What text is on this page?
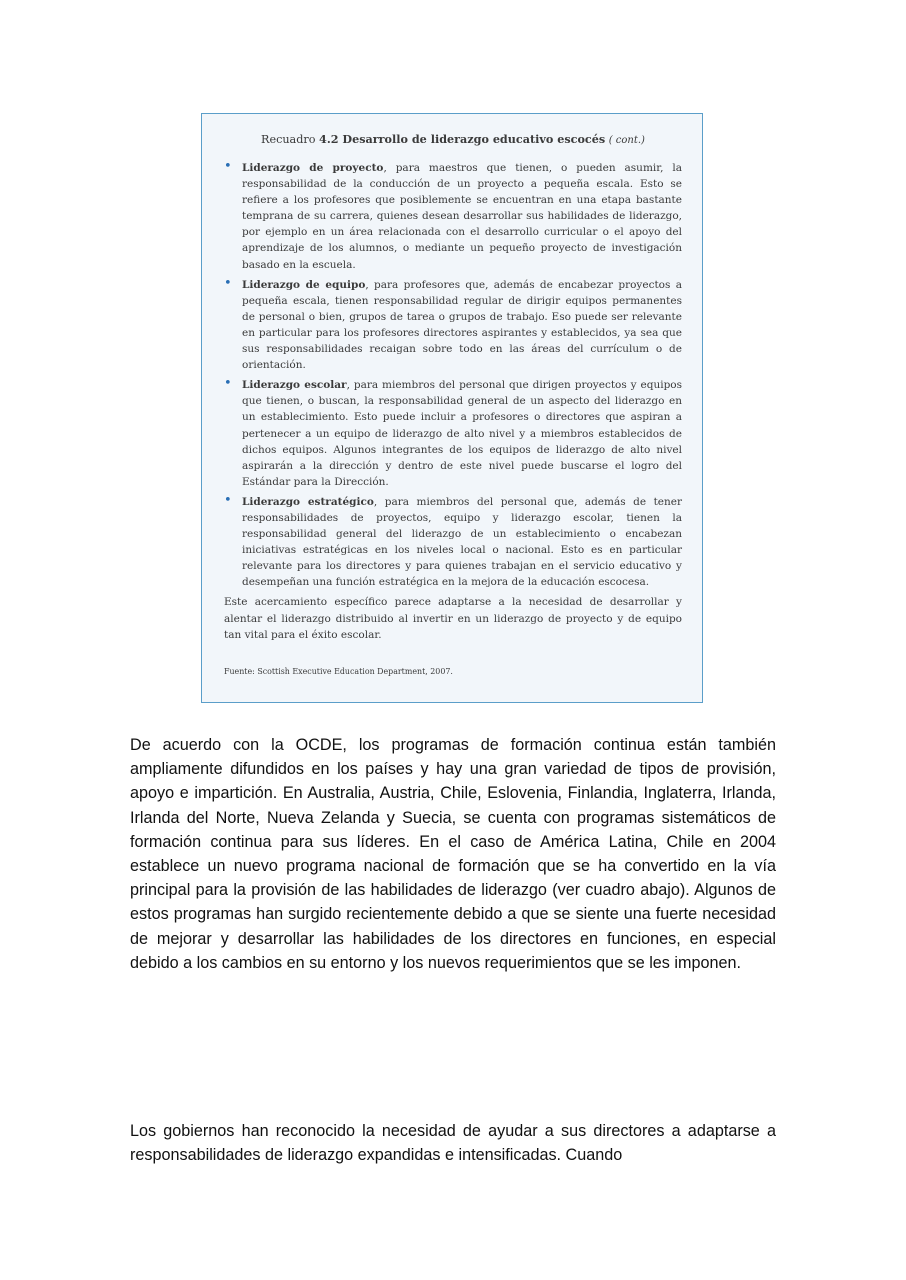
Recuadro 4.2 Desarrollo de liderazgo educativo escocés ( cont.)

• Liderazgo de proyecto, para maestros que tienen, o pueden asumir, la responsabilidad de la conducción de un proyecto a pequeña escala. Esto se refiere a los profesores que posiblemente se encuentran en una etapa bastante temprana de su carrera, quienes desean desarrollar sus habilidades de liderazgo, por ejemplo en un área relacionada con el desarrollo curricular o el apoyo del aprendizaje de los alumnos, o mediante un pequeño proyecto de investigación basado en la escuela.
• Liderazgo de equipo, para profesores que, además de encabezar proyectos a pequeña escala, tienen responsabilidad regular de dirigir equipos permanentes de personal o bien, grupos de tarea o grupos de trabajo. Eso puede ser relevante en particular para los profesores directores aspirantes y establecidos, ya sea que sus responsabilidades recaigan sobre todo en las áreas del currículum o de orientación.
• Liderazgo escolar, para miembros del personal que dirigen proyectos y equipos que tienen, o buscan, la responsabilidad general de un aspecto del liderazgo en un establecimiento. Esto puede incluir a profesores o directores que aspiran a pertenecer a un equipo de liderazgo de alto nivel y a miembros establecidos de dichos equipos. Algunos integrantes de los equipos de liderazgo de alto nivel aspirarán a la dirección y dentro de este nivel puede buscarse el logro del Estándar para la Dirección.
• Liderazgo estratégico, para miembros del personal que, además de tener responsabilidades de proyectos, equipo y liderazgo escolar, tienen la responsabilidad general del liderazgo de un establecimiento o encabezan iniciativas estratégicas en los niveles local o nacional. Esto es en particular relevante para los directores y para quienes trabajan en el servicio educativo y desempeñan una función estratégica en la mejora de la educación escocesa.

Este acercamiento específico parece adaptarse a la necesidad de desarrollar y alentar el liderazgo distribuido al invertir en un liderazgo de proyecto y de equipo tan vital para el éxito escolar.

Fuente: Scottish Executive Education Department, 2007.

De acuerdo con la OCDE, los programas de formación continua están también ampliamente difundidos en los países y hay una gran variedad de tipos de provisión, apoyo e impartición. En Australia, Austria, Chile, Eslovenia, Finlandia, Inglaterra, Irlanda, Irlanda del Norte, Nueva Zelanda y Suecia, se cuenta con programas sistemáticos de formación continua para sus líderes. En el caso de América Latina, Chile en 2004 establece un nuevo programa nacional de formación que se ha convertido en la vía principal para la provisión de las habilidades de liderazgo (ver cuadro abajo). Algunos de estos programas han surgido recientemente debido a que se siente una fuerte necesidad de mejorar y desarrollar las habilidades de los directores en funciones, en especial debido a los cambios en su entorno y los nuevos requerimientos que se les imponen.

Los gobiernos han reconocido la necesidad de ayudar a sus directores a adaptarse a responsabilidades de liderazgo expandidas e intensificadas. Cuando
